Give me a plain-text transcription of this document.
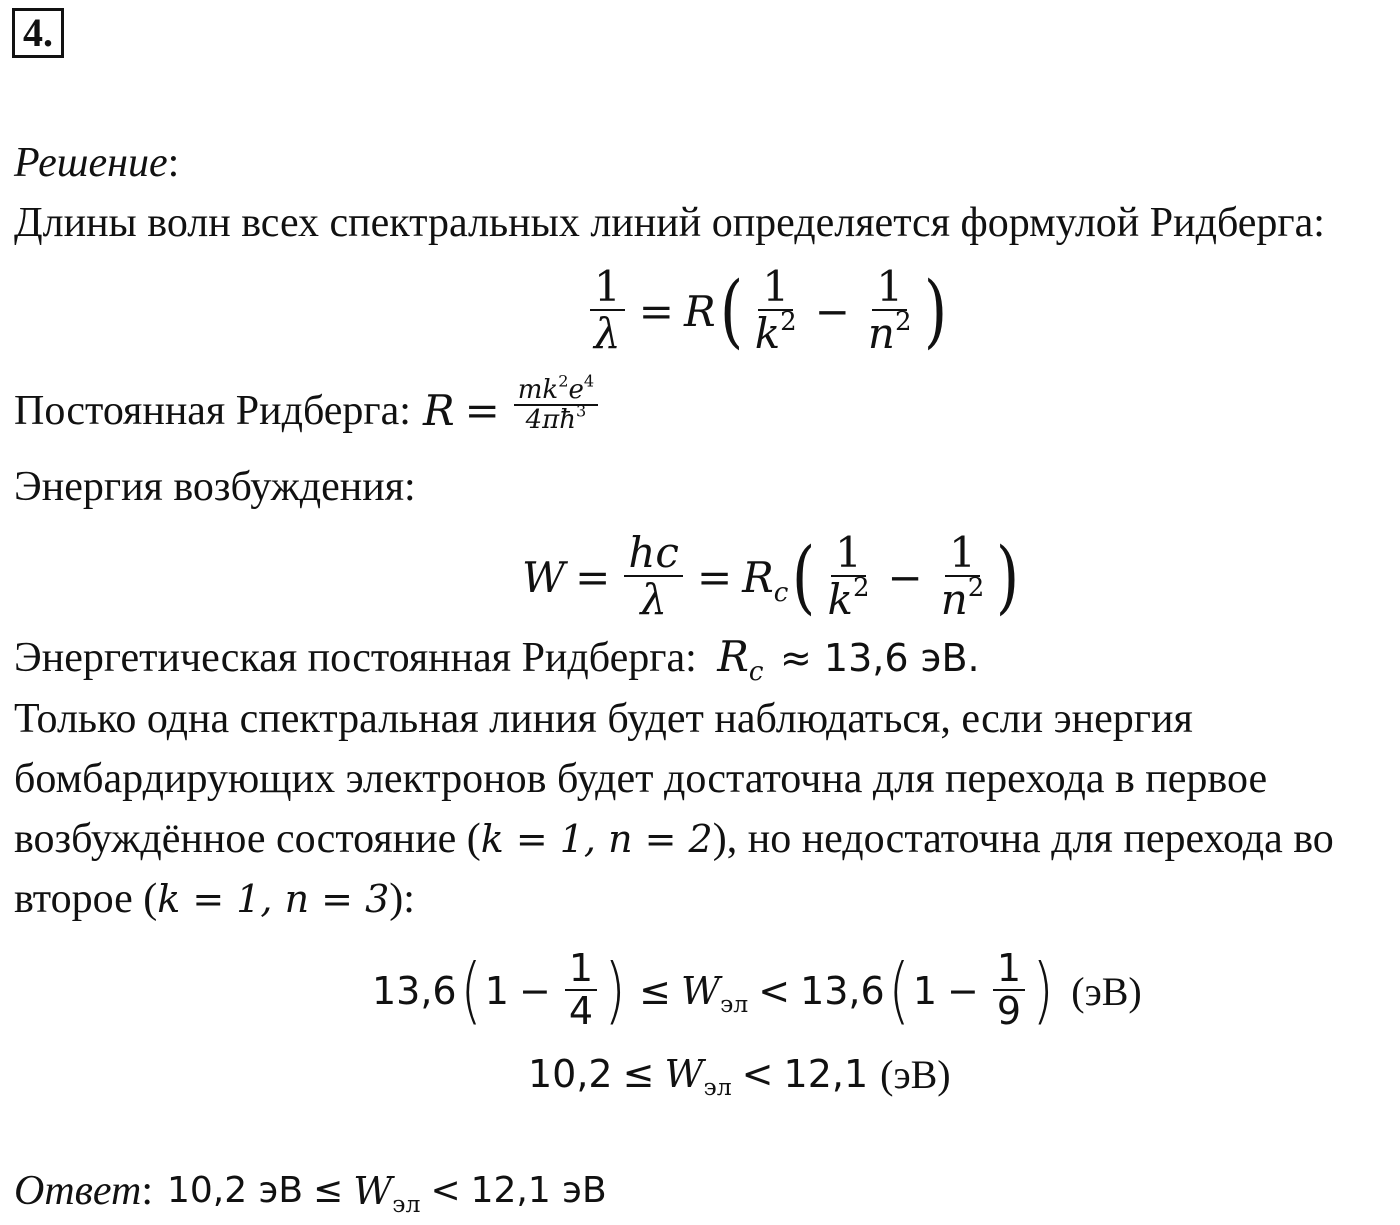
4.
Решение:
Длины волн всех спектральных линий определяется формулой Ридберга:
$\frac{1}{\lambda} = R$ ( $\frac{1}{k^2} - \frac{1}{n^2}$ )
Постоянная Ридберга: $R = \frac{mk^2e^4}{4\pi ħ^3}$
Энергия возбуждения:
$W = \frac{hc}{\lambda} = R_c$ ( $\frac{1}{k^2} - \frac{1}{n^2}$ )
Энергетическая постоянная Ридберга: $R_c \approx 13,6$ эВ.
Только одна спектральная линия будет наблюдаться, если энергия
бомбардирующих электронов будет достаточна для перехода в первое
возбуждённое состояние (k = 1, n = 2), но недостаточна для перехода во
второе (k = 1, n = 3):
13,6 ( $1 - \frac{1}{4}$ ) ≤ $W_{эл} < 13,6$ ( $1 - \frac{1}{9}$ ) (эВ)
$10,2 \le W_{эл} < 12,1$ (эВ)
Ответ : 10,2 эВ ≤ $W_{эл} < 12,1$ эВ
